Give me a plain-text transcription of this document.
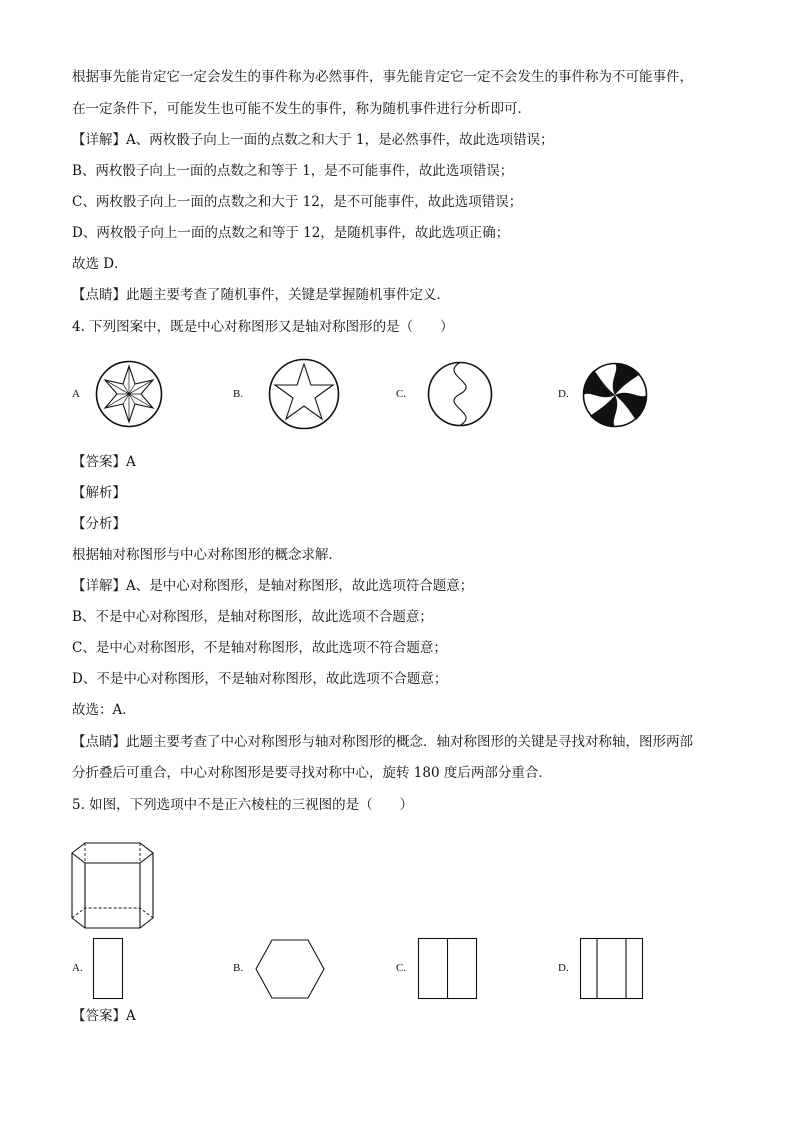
根据事先能肯定它一定会发生的事件称为必然事件，事先能肯定它一定不会发生的事件称为不可能事件，
在一定条件下，可能发生也可能不发生的事件，称为随机事件进行分析即可．
【详解】A、两枚骰子向上一面的点数之和大于 1，是必然事件，故此选项错误；
B、两枚骰子向上一面的点数之和等于 1，是不可能事件，故此选项错误；
C、两枚骰子向上一面的点数之和大于 12，是不可能事件，故此选项错误；
D、两枚骰子向上一面的点数之和等于 12，是随机事件，故此选项正确；
故选 D．
【点睛】此题主要考查了随机事件，关键是掌握随机事件定义．
4. 下列图案中，既是中心对称图形又是轴对称图形的是（　　）
A	B.	C.	D.
【答案】A
【解析】
【分析】
根据轴对称图形与中心对称图形的概念求解．
【详解】A、是中心对称图形，是轴对称图形，故此选项符合题意；
B、不是中心对称图形，是轴对称图形，故此选项不合题意；
C、是中心对称图形，不是轴对称图形，故此选项不符合题意；
D、不是中心对称图形，不是轴对称图形，故此选项不合题意；
故选：A．
【点睛】此题主要考查了中心对称图形与轴对称图形的概念．轴对称图形的关键是寻找对称轴，图形两部
分折叠后可重合，中心对称图形是要寻找对称中心，旋转 180 度后两部分重合．
5. 如图，下列选项中不是正六棱柱的三视图的是（　　）
A.	B.	C.	D.
【答案】A
